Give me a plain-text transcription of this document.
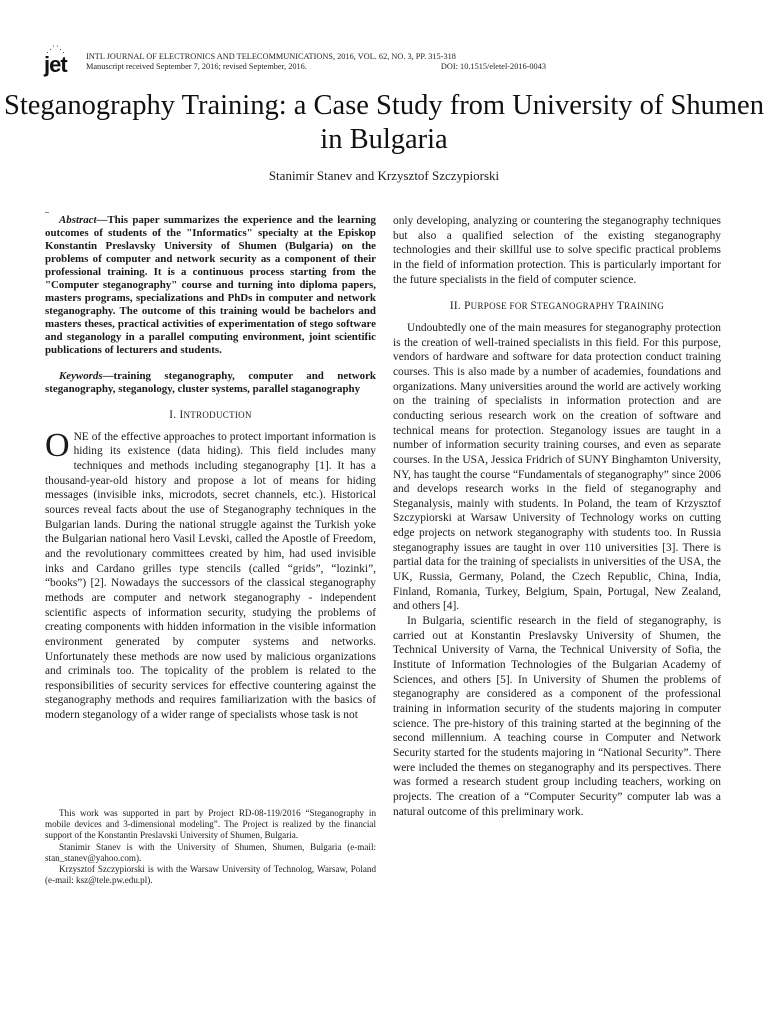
⋰⋱
jet INTL JOURNAL OF ELECTRONICS AND TELECOMMUNICATIONS, 2016, VOL. 62, NO. 3, PP. 315-318
Manuscript received September 7, 2016; revised September, 2016.	DOI: 10.1515/eletel-2016-0043
Steganography Training: a Case Study from University of Shumen in Bulgaria
Stanimir Stanev and Krzysztof Szczypiorski

Abstract—This paper summarizes the experience and the learning outcomes of students of the "Informatics" specialty at the Episkop Konstantin Preslavsky University of Shumen (Bulgaria) on the problems of computer and network security as a component of their professional training. It is a continuous process starting from the "Computer steganography" course and turning into diploma papers, masters programs, specializations and PhDs in computer and network steganography. The outcome of this training would be bachelors and masters theses, practical activities of experimentation of stego software and steganology in a parallel computing environment, joint scientific publications of lecturers and students.

Keywords—training steganography, computer and network steganography, steganology, cluster systems, parallel staganography

I. INTRODUCTION

ONE of the effective approaches to protect important information is hiding its existence (data hiding). This field includes many techniques and methods including steganography [1]. It has a thousand-year-old history and propose a lot of means for hiding messages (invisible inks, microdots, secret channels, etc.). Historical sources reveal facts about the use of Steganography techniques in the Bulgarian lands. During the national struggle against the Turkish yoke the Bulgarian national hero Vasil Levski, called the Apostle of Freedom, and the revolutionary committees created by him, had used invisible inks and Cardano grilles type stencils (called “grids”, “lozinki”, “books”) [2]. Nowadays the successors of the classical steganography methods are computer and network steganography - independent scientific aspects of information security, studying the problems of creating components with hidden information in the visible information environment generated by computer systems and networks. Unfortunately these methods are now used by malicious organizations and criminals too. The topicality of the problem is related to the responsibilities of security services for effective countering against the steganography methods and requires familiarization with the basics of modern steganology of a wider range of specialists whose task is not

This work was supported in part by Project RD-08-119/2016 “Steganography in mobile devices and 3-dimensional modeling”. The Project is realized by the financial support of the Konstantin Preslavski University of Shumen, Bulgaria.

Stanimir Stanev is with the University of Shumen, Shumen, Bulgaria (e-mail: stan_stanev@yahoo.com).

Krzysztof Szczypiorski is with the Warsaw University of Technolog, Warsaw, Poland (e-mail: ksz@tele.pw.edu.pl).

only developing, analyzing or countering the steganography techniques but also a qualified selection of the existing steganography technologies and their skillful use to solve specific practical problems in the field of information protection. This is particularly important for the future specialists in the field of computer science.

II. PURPOSE FOR STEGANOGRAPHY TRAINING

Undoubtedly one of the main measures for steganography protection is the creation of well-trained specialists in this field. For this purpose, vendors of hardware and software for data protection conduct training courses. This is also made by a number of academies, foundations and organizations. Many universities around the world are actively working on the training of specialists in information protection and are conducting serious research work on the creation of software and technical means for protection. Steganology issues are taught in a number of information security training courses, and even as separate courses. In the USA, Jessica Fridrich of SUNY Binghamton University, NY, has taught the course “Fundamentals of steganography” since 2006 and develops research works in the field of steganography and Steganalysis, mainly with students. In Poland, the team of Krzysztof Szczypiorski at Warsaw University of Technology works on cutting edge projects on network steganography with students too. In Russia steganography issues are taught in over 110 universities [3]. There is partial data for the training of specialists in universities of the USA, the UK, Russia, Germany, Poland, the Czech Republic, China, India, Finland, Romania, Turkey, Belgium, Spain, Portugal, New Zealand, and others [4].

In Bulgaria, scientific research in the field of steganography, is carried out at Konstantin Preslavsky University of Shumen, the Technical University of Varna, the Technical University of Sofia, the Institute of Information Technologies of the Bulgarian Academy of Sciences, and others [5]. In University of Shumen the problems of steganography are considered as a component of the professional training in information security of the students majoring in computer science. The pre-history of this training started at the beginning of the second millennium. A teaching course in Computer and Network Security started for the students majoring in “National Security”. There were included the themes on steganography and its perspectives. There was formed a research student group including teachers, working on projects. The creation of a “Computer Security” computer lab was a natural outcome of this preliminary work.
